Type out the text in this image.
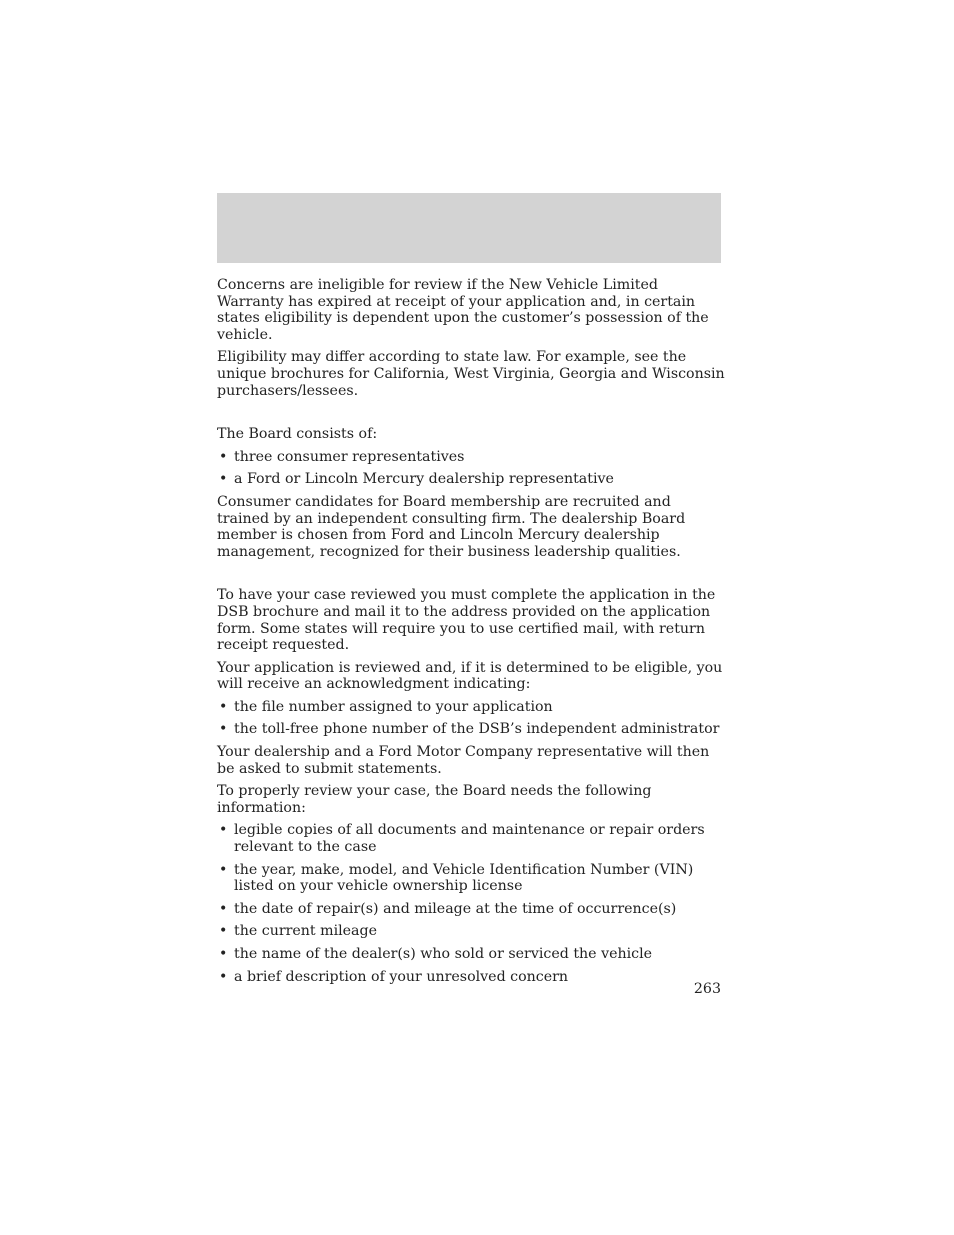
Concerns are ineligible for review if the New Vehicle Limited Warranty has expired at receipt of your application and, in certain states eligibility is dependent upon the customer’s possession of the vehicle.

Eligibility may differ according to state law. For example, see the unique brochures for California, West Virginia, Georgia and Wisconsin purchasers/lessees.

The Board consists of:

• three consumer representatives
• a Ford or Lincoln Mercury dealership representative

Consumer candidates for Board membership are recruited and trained by an independent consulting firm. The dealership Board member is chosen from Ford and Lincoln Mercury dealership management, recognized for their business leadership qualities.

To have your case reviewed you must complete the application in the DSB brochure and mail it to the address provided on the application form. Some states will require you to use certified mail, with return receipt requested.

Your application is reviewed and, if it is determined to be eligible, you will receive an acknowledgment indicating:

• the file number assigned to your application
• the toll-free phone number of the DSB’s independent administrator

Your dealership and a Ford Motor Company representative will then be asked to submit statements.

To properly review your case, the Board needs the following information:

• legible copies of all documents and maintenance or repair orders relevant to the case
• the year, make, model, and Vehicle Identification Number (VIN) listed on your vehicle ownership license
• the date of repair(s) and mileage at the time of occurrence(s)
• the current mileage
• the name of the dealer(s) who sold or serviced the vehicle
• a brief description of your unresolved concern
263
